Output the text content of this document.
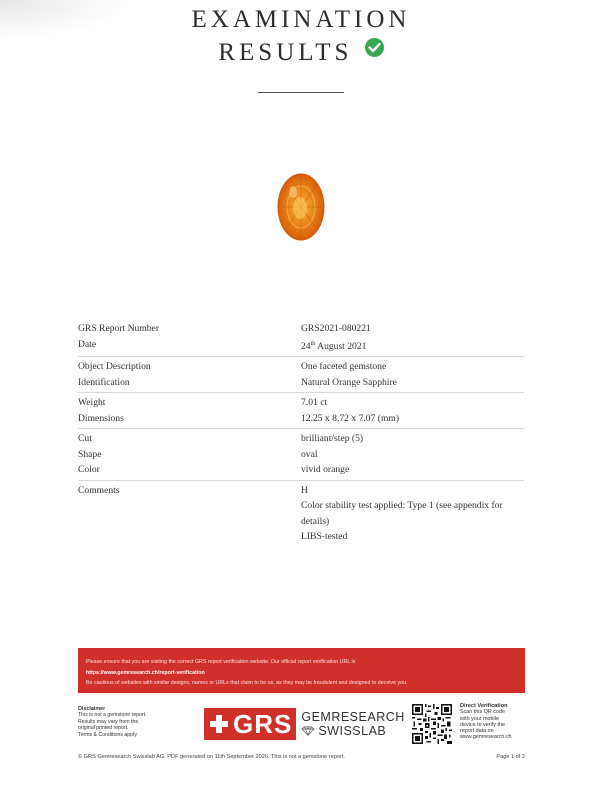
EXAMINATION
RESULTS
GRS Report Number	GRS2021-080221
Date	24th August 2021
Object Description	One faceted gemstone
Identification	Natural Orange Sapphire
Weight	7.01 ct
Dimensions	12.25 x 8.72 x 7.07 (mm)
Cut	brilliant/step (5)
Shape	oval
Color	vivid orange
Comments	H
Color stability test applied: Type 1 (see appendix for
details)
LIBS-tested
Please ensure that you are visiting the correct GRS report verification website. Our official report verification URL is
https://www.gemresearch.ch/report-verification
Be cautious of websites with similar designs, names or URLs that claim to be us, as they may be fraudulent and designed to deceive you.
Disclaimer
This is not a gemstone report.
Results may vary from the
original printed report.
Terms & Conditions apply.	GRS GEMRESEARCH
SWISSLAB
Direct Verification
Scan this QR code
with your mobile
device to verify the
report data on
www.gemresearch.ch
© GRS Gemresearch Swisslab AG. PDF generated on 11th September 2026. This is not a gemstone report.	Page 1 of 2
